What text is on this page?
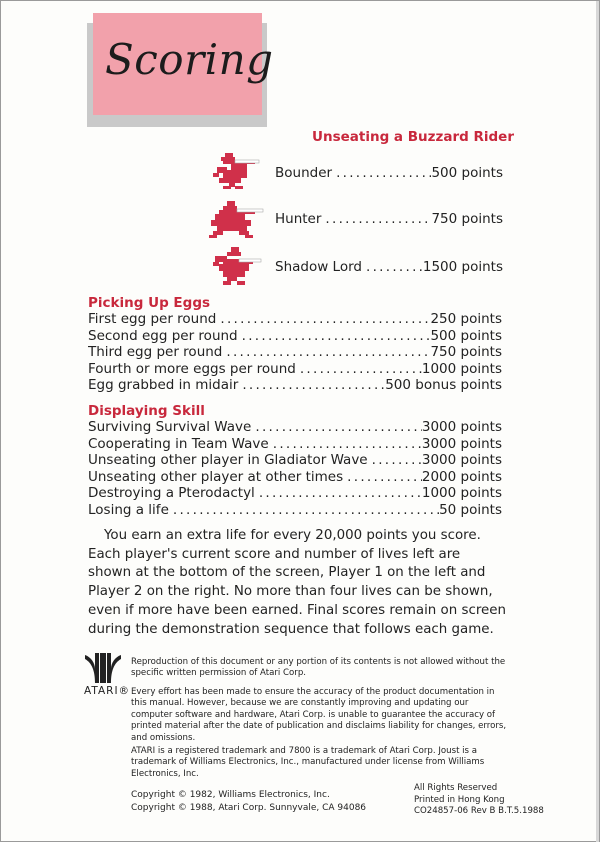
Scoring
Unseating a Buzzard Rider
Bounder . . .	500 points
Hunter . . .	750 points
Shadow Lord . . .	1500 points
Picking Up Eggs
First egg per round . . .	250 points
Second egg per round . . .	500 points
Third egg per round . . .	750 points
Fourth or more eggs per round . . .	1000 points
Egg grabbed in midair . . .	500 bonus points
Displaying Skill
Surviving Survival Wave . . .	3000 points
Cooperating in Team Wave . . .	3000 points
Unseating other player in Gladiator Wave . . .	3000 points
Unseating other player at other times . . .	2000 points
Destroying a Pterodactyl . . .	1000 points
Losing a life . . .	50 points

You earn an extra life for every 20,000 points you score. Each player's current score and number of lives left are shown at the bottom of the screen, Player 1 on the left and Player 2 on the right. No more than four lives can be shown, even if more have been earned. Final scores remain on screen during the demonstration sequence that follows each game.

ATARI®
Reproduction of this document or any portion of its contents is not allowed without the specific written permission of Atari Corp.
Every effort has been made to ensure the accuracy of the product documentation in this manual. However, because we are constantly improving and updating our computer software and hardware, Atari Corp. is unable to guarantee the accuracy of printed material after the date of publication and disclaims liability for changes, errors, and omissions.
ATARI is a registered trademark and 7800 is a trademark of Atari Corp. Joust is a trademark of Williams Electronics, Inc., manufactured under license from Williams Electronics, Inc.
Copyright © 1982, Williams Electronics, Inc.
Copyright © 1988, Atari Corp. Sunnyvale, CA 94086
All Rights Reserved
Printed in Hong Kong
CO24857-06 Rev B B.T.5.1988
